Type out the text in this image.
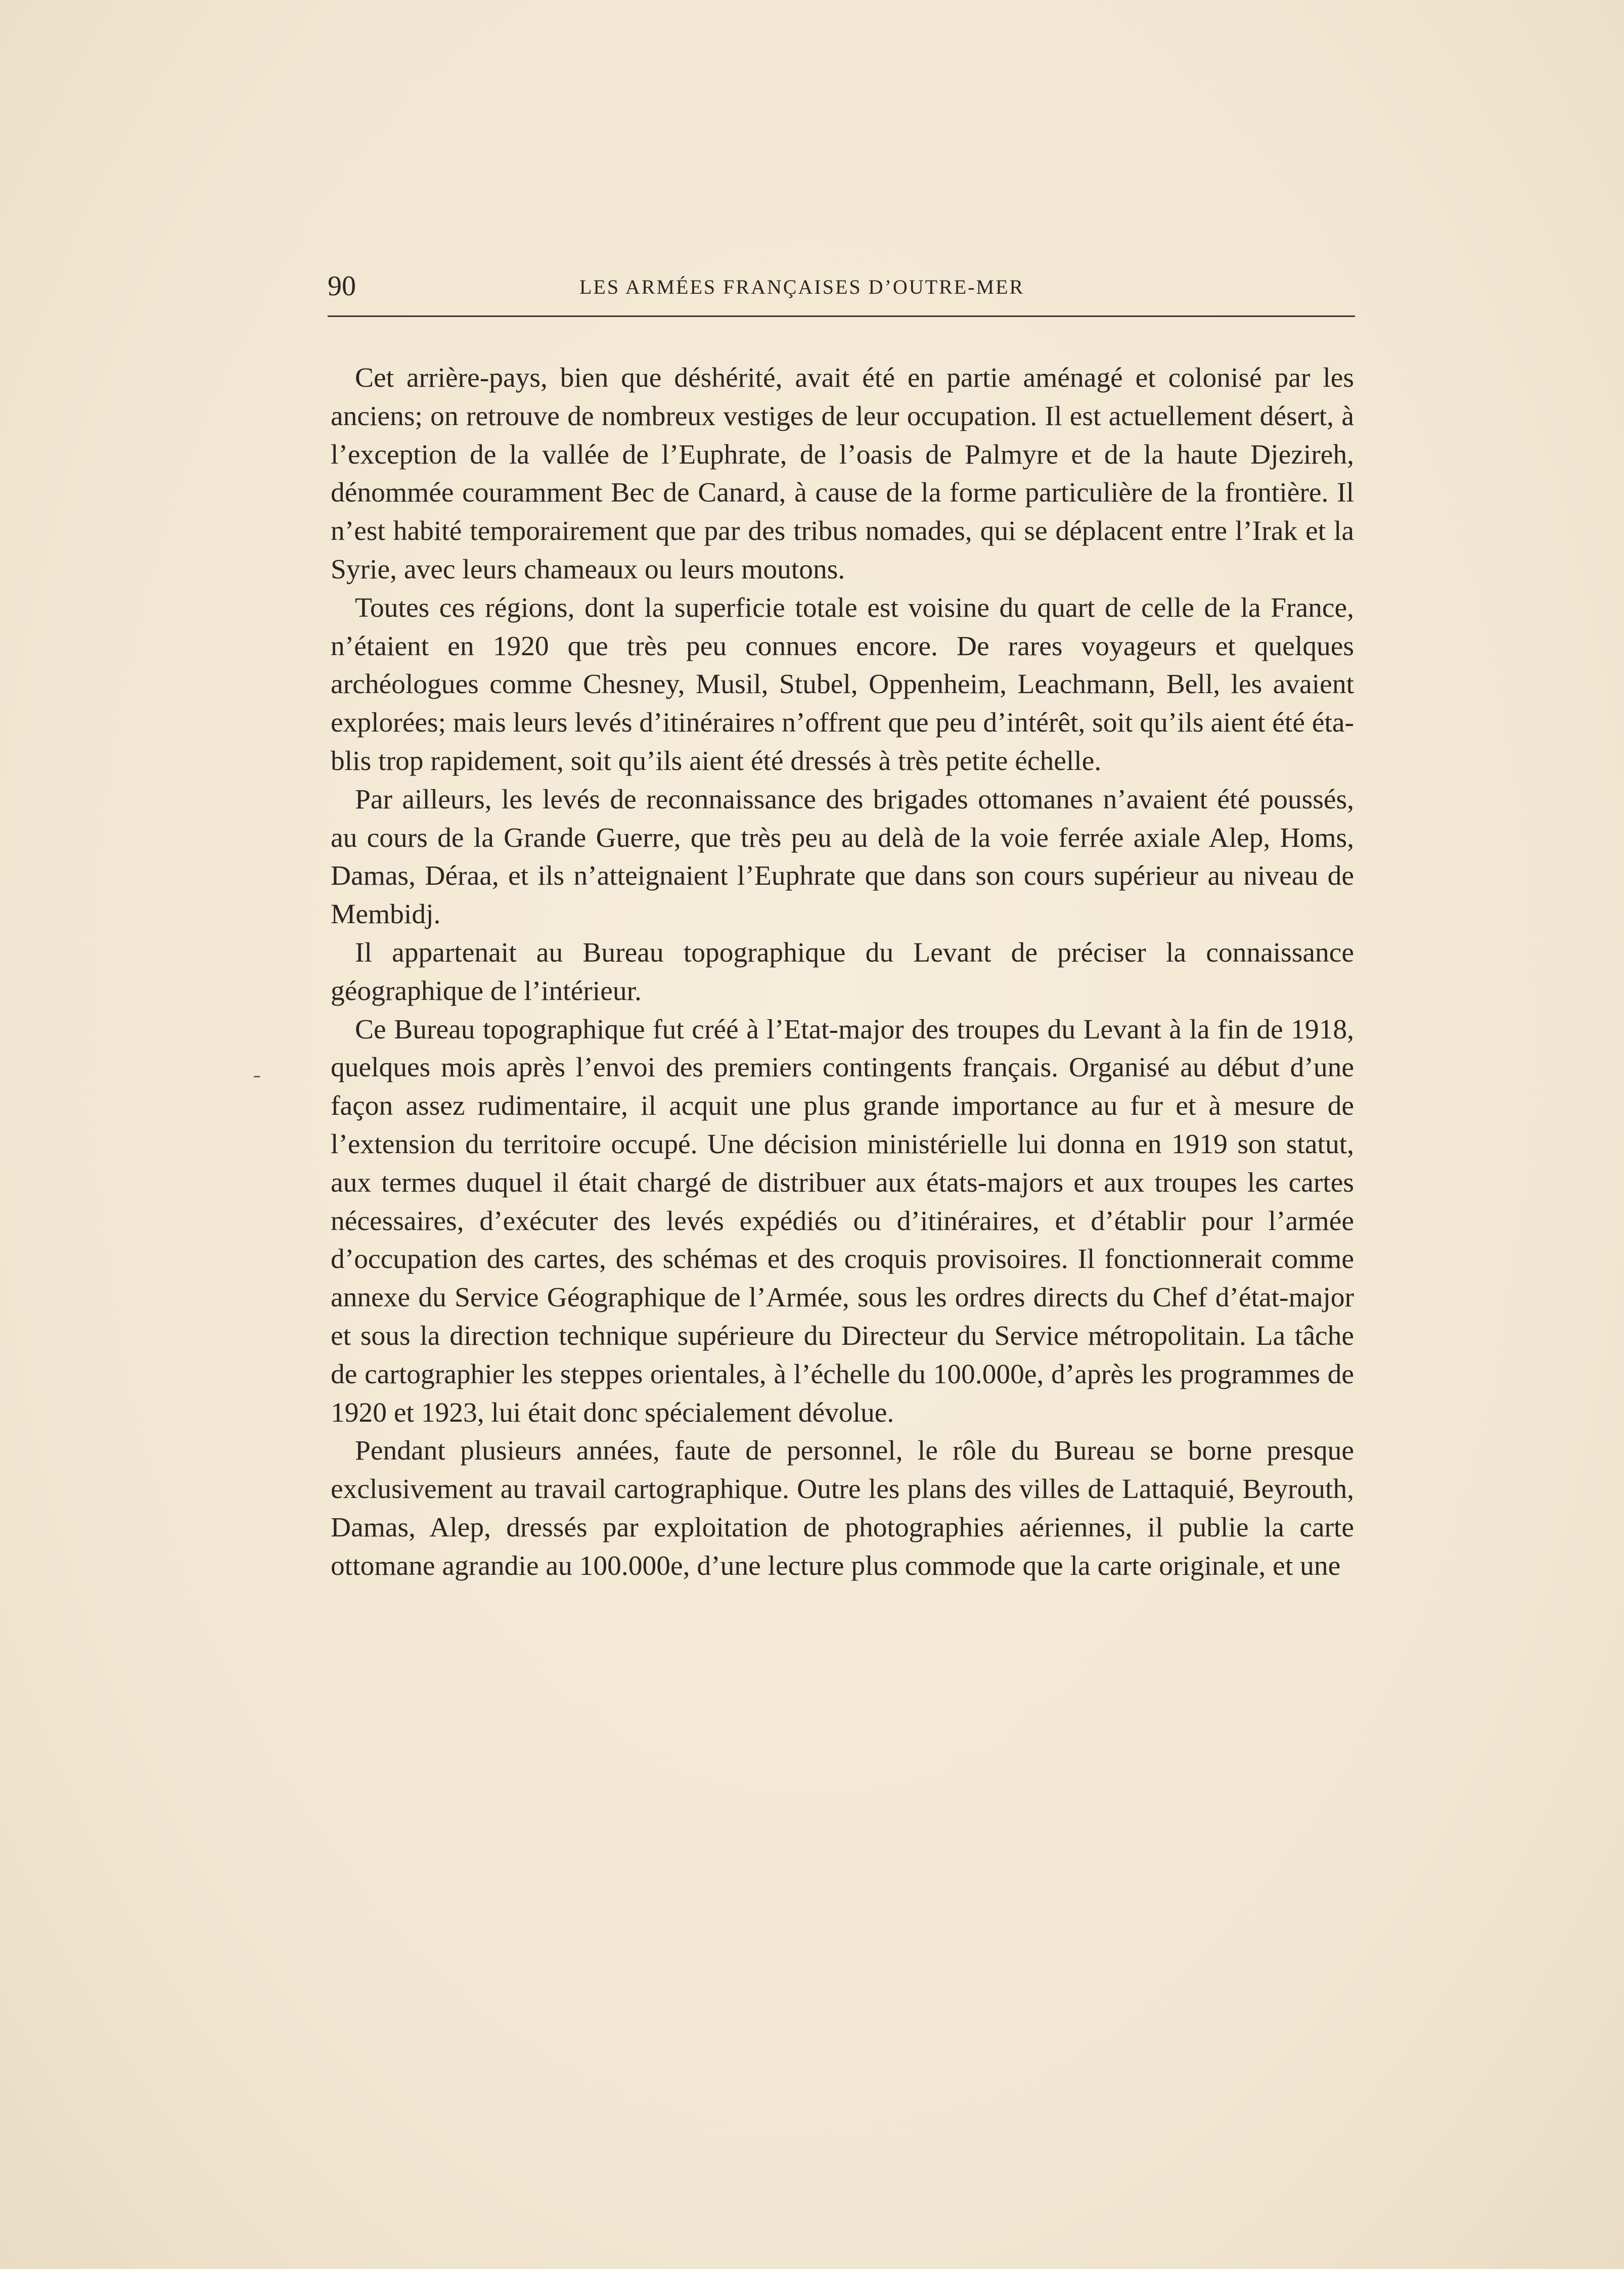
90	LES ARMÉES FRANÇAISES D’OUTRE-MER

Cet arrière-pays, bien que déshérité, avait été en partie aménagé et colonisé par les anciens; on retrouve de nombreux vestiges de leur occupation. Il est actuellement désert, à l’exception de la vallée de l’Euphrate, de l’oasis de Palmyre et de la haute Djezireh, dénommée couramment Bec de Canard, à cause de la forme particulière de la frontière. Il n’est habité temporairement que par des tribus nomades, qui se déplacent entre l’Irak et la Syrie, avec leurs chameaux ou leurs moutons.

Toutes ces régions, dont la superficie totale est voisine du quart de celle de la France, n’étaient en 1920 que très peu connues encore. De rares voyageurs et quelques archéologues comme Chesney, Musil, Stubel, Oppenheim, Leachmann, Bell, les avaient explorées; mais leurs levés d’itinéraires n’offrent que peu d’intérêt, soit qu’ils aient été établis trop rapidement, soit qu’ils aient été dressés à très petite échelle.

Par ailleurs, les levés de reconnaissance des brigades ottomanes n’avaient été poussés, au cours de la Grande Guerre, que très peu au delà de la voie ferrée axiale Alep, Homs, Damas, Déraa, et ils n’atteignaient l’Euphrate que dans son cours supérieur au niveau de Membidj.

Il appartenait au Bureau topographique du Levant de préciser la connaissance géographique de l’intérieur.

Ce Bureau topographique fut créé à l’Etat-major des troupes du Levant à la fin de 1918, quelques mois après l’envoi des premiers contingents français. Organisé au début d’une façon assez rudimentaire, il acquit une plus grande importance au fur et à mesure de l’extension du territoire occupé. Une décision ministérielle lui donna en 1919 son statut, aux termes duquel il était chargé de distribuer aux états-majors et aux troupes les cartes nécessaires, d’exécuter des levés expédiés ou d’itinéraires, et d’établir pour l’armée d’occupation des cartes, des schémas et des croquis provisoires. Il fonctionnerait comme annexe du Service Géographique de l’Armée, sous les ordres directs du Chef d’état-major et sous la direction technique supérieure du Directeur du Service métropolitain. La tâche de cartographier les steppes orientales, à l’échelle du 100.000e, d’après les programmes de 1920 et 1923, lui était donc spécialement dévolue.

Pendant plusieurs années, faute de personnel, le rôle du Bureau se borne presque exclusivement au travail cartographique. Outre les plans des villes de Lattaquié, Beyrouth, Damas, Alep, dressés par exploitation de photographies aériennes, il publie la carte ottomane agrandie au 100.000e, d’une lecture plus commode que la carte originale, et une
